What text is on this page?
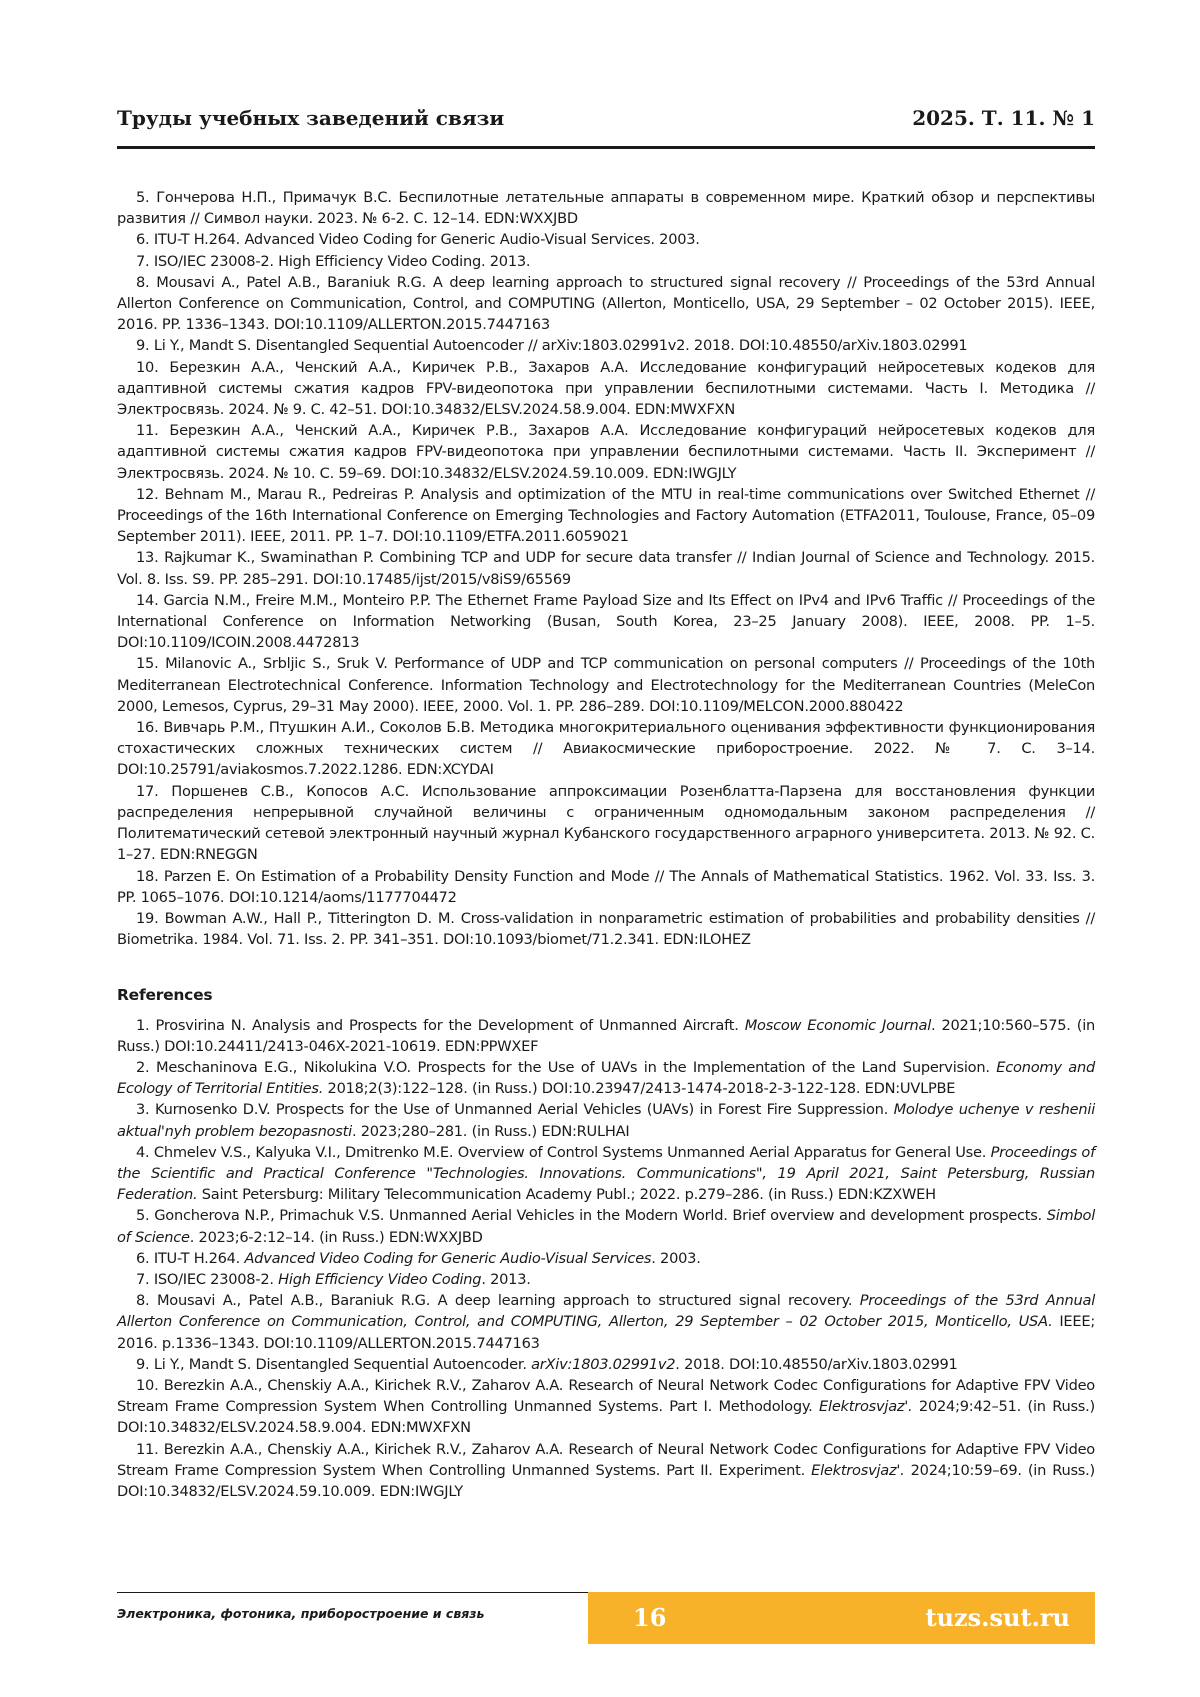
Труды учебных заведений связи	2025. Т. 11. № 1

5. Гончерова Н.П., Примачук В.С. Беспилотные летательные аппараты в современном мире. Краткий обзор и перспективы развития // Символ науки. 2023. № 6-2. С. 12–14. EDN:WXXJBD

6. ITU-T H.264. Advanced Video Coding for Generic Audio-Visual Services. 2003.

7. ISO/IEC 23008-2. High Efficiency Video Coding. 2013.

8. Mousavi A., Patel A.B., Baraniuk R.G. A deep learning approach to structured signal recovery // Proceedings of the 53rd Annual Allerton Conference on Communication, Control, and COMPUTING (Allerton, Monticello, USA, 29 September – 02 October 2015). IEEE, 2016. PP. 1336–1343. DOI:10.1109/ALLERTON.2015.7447163

9. Li Y., Mandt S. Disentangled Sequential Autoencoder // arXiv:1803.02991v2. 2018. DOI:10.48550/arXiv.1803.02991

10. Березкин А.А., Ченский А.А., Киричек Р.В., Захаров А.А. Исследование конфигураций нейросетевых кодеков для адаптивной системы сжатия кадров FPV-видеопотока при управлении беспилотными системами. Часть I. Методика // Электросвязь. 2024. № 9. С. 42–51. DOI:10.34832/ELSV.2024.58.9.004. EDN:MWXFXN

11. Березкин А.А., Ченский А.А., Киричек Р.В., Захаров А.А. Исследование конфигураций нейросетевых кодеков для адаптивной системы сжатия кадров FPV-видеопотока при управлении беспилотными системами. Часть II. Эксперимент // Электросвязь. 2024. № 10. С. 59–69. DOI:10.34832/ELSV.2024.59.10.009. EDN:IWGJLY

12. Behnam M., Marau R., Pedreiras P. Analysis and optimization of the MTU in real-time communications over Switched Ethernet // Proceedings of the 16th International Conference on Emerging Technologies and Factory Automation (ETFA2011, Toulouse, France, 05–09 September 2011). IEEE, 2011. PP. 1–7. DOI:10.1109/ETFA.2011.6059021

13. Rajkumar K., Swaminathan P. Combining TCP and UDP for secure data transfer // Indian Journal of Science and Technology. 2015. Vol. 8. Iss. S9. PP. 285–291. DOI:10.17485/ijst/2015/v8iS9/65569

14. Garcia N.M., Freire M.M., Monteiro P.P. The Ethernet Frame Payload Size and Its Effect on IPv4 and IPv6 Traffic // Proceedings of the International Conference on Information Networking (Busan, South Korea, 23–25 January 2008). IEEE, 2008. PP. 1–5. DOI:10.1109/ICOIN.2008.4472813

15. Milanovic A., Srbljic S., Sruk V. Performance of UDP and TCP communication on personal computers // Proceedings of the 10th Mediterranean Electrotechnical Conference. Information Technology and Electrotechnology for the Mediterranean Countries (MeleCon 2000, Lemesos, Cyprus, 29–31 May 2000). IEEE, 2000. Vol. 1. PP. 286–289. DOI:10.1109/MELCON.2000.880422

16. Вивчарь Р.М., Птушкин А.И., Соколов Б.В. Методика многокритериального оценивания эффективности функционирования стохастических сложных технических систем // Авиакосмические приборостроение. 2022. № 7. С. 3–14. DOI:10.25791/aviakosmos.7.2022.1286. EDN:XCYDAI

17. Поршенев С.В., Копосов А.С. Использование аппроксимации Розенблатта-Парзена для восстановления функции распределения непрерывной случайной величины с ограниченным одномодальным законом распределения // Политематический сетевой электронный научный журнал Кубанского государственного аграрного университета. 2013. № 92. С. 1–27. EDN:RNEGGN

18. Parzen E. On Estimation of a Probability Density Function and Mode // The Annals of Mathematical Statistics. 1962. Vol. 33. Iss. 3. PP. 1065–1076. DOI:10.1214/aoms/1177704472

19. Bowman A.W., Hall P., Titterington D. M. Cross-validation in nonparametric estimation of probabilities and probability densities // Biometrika. 1984. Vol. 71. Iss. 2. PP. 341–351. DOI:10.1093/biomet/71.2.341. EDN:ILOHEZ

References

1. Prosvirina N. Analysis and Prospects for the Development of Unmanned Aircraft. Moscow Economic Journal. 2021;10:560–575. (in Russ.) DOI:10.24411/2413-046X-2021-10619. EDN:PPWXEF

2. Meschaninova E.G., Nikolukina V.O. Prospects for the Use of UAVs in the Implementation of the Land Supervision. Economy and Ecology of Territorial Entities. 2018;2(3):122–128. (in Russ.) DOI:10.23947/2413-1474-2018-2-3-122-128. EDN:UVLPBE

3. Kurnosenko D.V. Prospects for the Use of Unmanned Aerial Vehicles (UAVs) in Forest Fire Suppression. Molodye uchenye v reshenii aktual'nyh problem bezopasnosti. 2023;280–281. (in Russ.) EDN:RULHAI

4. Chmelev V.S., Kalyuka V.I., Dmitrenko M.E. Overview of Control Systems Unmanned Aerial Apparatus for General Use. Proceedings of the Scientific and Practical Conference "Technologies. Innovations. Communications", 19 April 2021, Saint Petersburg, Russian Federation. Saint Petersburg: Military Telecommunication Academy Publ.; 2022. p.279–286. (in Russ.) EDN:KZXWEH

5. Goncherova N.P., Primachuk V.S. Unmanned Aerial Vehicles in the Modern World. Brief overview and development prospects. Simbol of Science. 2023;6-2:12–14. (in Russ.) EDN:WXXJBD

6. ITU-T H.264. Advanced Video Coding for Generic Audio-Visual Services. 2003.

7. ISO/IEC 23008-2. High Efficiency Video Coding. 2013.

8. Mousavi A., Patel A.B., Baraniuk R.G. A deep learning approach to structured signal recovery. Proceedings of the 53rd Annual Allerton Conference on Communication, Control, and COMPUTING, Allerton, 29 September – 02 October 2015, Monticello, USA. IEEE; 2016. p.1336–1343. DOI:10.1109/ALLERTON.2015.7447163

9. Li Y., Mandt S. Disentangled Sequential Autoencoder. arXiv:1803.02991v2. 2018. DOI:10.48550/arXiv.1803.02991

10. Berezkin A.A., Chenskiy A.A., Kirichek R.V., Zaharov A.A. Research of Neural Network Codec Configurations for Adaptive FPV Video Stream Frame Compression System When Controlling Unmanned Systems. Part I. Methodology. Elektrosvjaz'. 2024;9:42–51. (in Russ.) DOI:10.34832/ELSV.2024.58.9.004. EDN:MWXFXN

11. Berezkin A.A., Chenskiy A.A., Kirichek R.V., Zaharov A.A. Research of Neural Network Codec Configurations for Adaptive FPV Video Stream Frame Compression System When Controlling Unmanned Systems. Part II. Experiment. Elektrosvjaz'. 2024;10:59–69. (in Russ.) DOI:10.34832/ELSV.2024.59.10.009. EDN:IWGJLY

Электроника, фотоника, приборостроение и связь	16	tuzs.sut.ru
